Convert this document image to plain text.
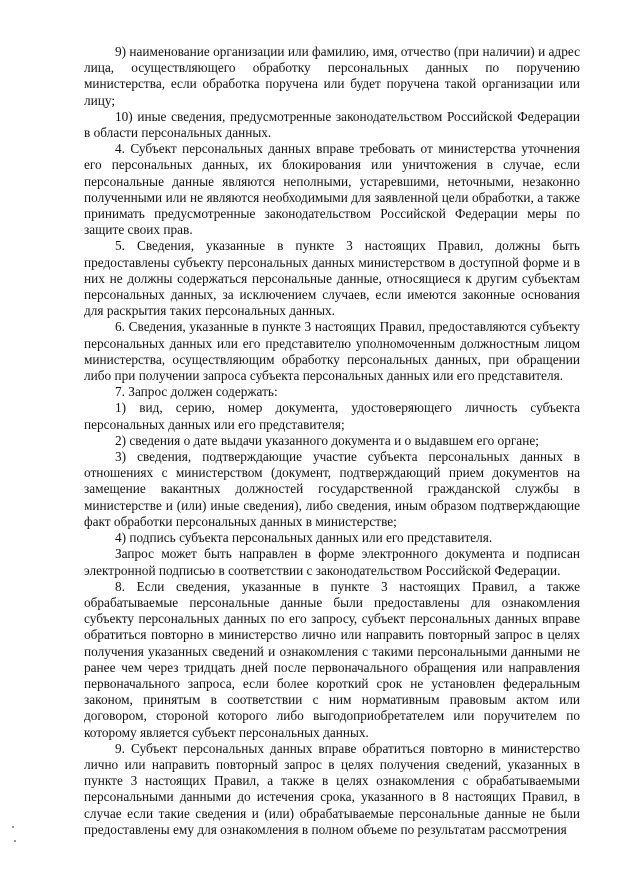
9) наименование организации или фамилию, имя, отчество (при наличии) и адрес лица, осуществляющего обработку персональных данных по поручению министерства, если обработка поручена или будет поручена такой организации или лицу;

10) иные сведения, предусмотренные законодательством Российской Федерации в области персональных данных.

4. Субъект персональных данных вправе требовать от министерства уточнения его персональных данных, их блокирования или уничтожения в случае, если персональные данные являются неполными, устаревшими, неточными, незаконно полученными или не являются необходимыми для заявленной цели обработки, а также принимать предусмотренные законодательством Российской Федерации меры по защите своих прав.

5. Сведения, указанные в пункте 3 настоящих Правил, должны быть предоставлены субъекту персональных данных министерством в доступной форме и в них не должны содержаться персональные данные, относящиеся к другим субъектам персональных данных, за исключением случаев, если имеются законные основания для раскрытия таких персональных данных.

6. Сведения, указанные в пункте 3 настоящих Правил, предоставляются субъекту персональных данных или его представителю уполномоченным должностным лицом министерства, осуществляющим обработку персональных данных, при обращении либо при получении запроса субъекта персональных данных или его представителя.

7. Запрос должен содержать:

1) вид, серию, номер документа, удостоверяющего личность субъекта персональных данных или его представителя;

2) сведения о дате выдачи указанного документа и о выдавшем его органе;

3) сведения, подтверждающие участие субъекта персональных данных в отношениях с министерством (документ, подтверждающий прием документов на замещение вакантных должностей государственной гражданской службы в министерстве и (или) иные сведения), либо сведения, иным образом подтверждающие факт обработки персональных данных в министерстве;

4) подпись субъекта персональных данных или его представителя.

Запрос может быть направлен в форме электронного документа и подписан электронной подписью в соответствии с законодательством Российской Федерации.

8. Если сведения, указанные в пункте 3 настоящих Правил, а также обрабатываемые персональные данные были предоставлены для ознакомления субъекту персональных данных по его запросу, субъект персональных данных вправе обратиться повторно в министерство лично или направить повторный запрос в целях получения указанных сведений и ознакомления с такими персональными данными не ранее чем через тридцать дней после первоначального обращения или направления первоначального запроса, если более короткий срок не установлен федеральным законом, принятым в соответствии с ним нормативным правовым актом или договором, стороной которого либо выгодоприобретателем или поручителем по которому является субъект персональных данных.

9. Субъект персональных данных вправе обратиться повторно в министерство лично или направить повторный запрос в целях получения сведений, указанных в пункте 3 настоящих Правил, а также в целях ознакомления с обрабатываемыми персональными данными до истечения срока, указанного в 8 настоящих Правил, в случае если такие сведения и (или) обрабатываемые персональные данные не были предоставлены ему для ознакомления в полном объеме по результатам рассмотрения
